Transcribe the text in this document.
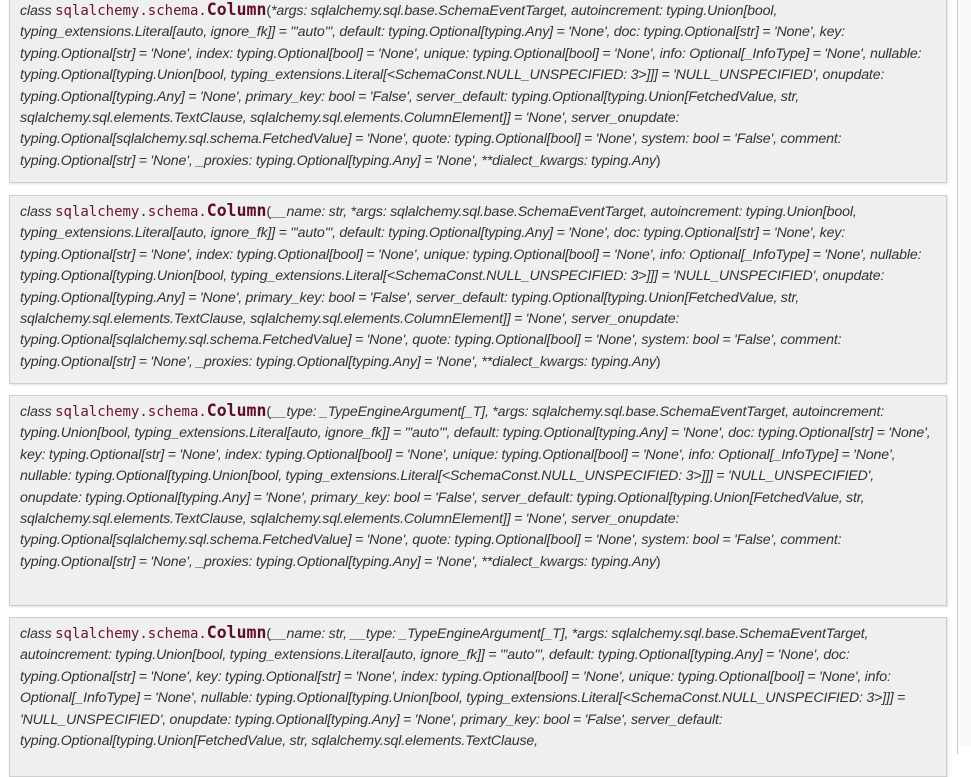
class sqlalchemy.schema.Column(*args: sqlalchemy.sql.base.SchemaEventTarget, autoincrement: typing.Union[bool, typing_extensions.Literal[auto, ignore_fk]] = "'auto'", default: typing.Optional[typing.Any] = 'None', doc: typing.Optional[str] = 'None', key: typing.Optional[str] = 'None', index: typing.Optional[bool] = 'None', unique: typing.Optional[bool] = 'None', info: Optional[_InfoType] = 'None', nullable: typing.Optional[typing.Union[bool, typing_extensions.Literal[<SchemaConst.NULL_UNSPECIFIED: 3>]]] = 'NULL_UNSPECIFIED', onupdate: typing.Optional[typing.Any] = 'None', primary_key: bool = 'False', server_default: typing.Optional[typing.Union[FetchedValue, str, sqlalchemy.sql.elements.TextClause, sqlalchemy.sql.elements.ColumnElement]] = 'None', server_onupdate: typing.Optional[sqlalchemy.sql.schema.FetchedValue] = 'None', quote: typing.Optional[bool] = 'None', system: bool = 'False', comment: typing.Optional[str] = 'None', _proxies: typing.Optional[typing.Any] = 'None', **dialect_kwargs: typing.Any)

class sqlalchemy.schema.Column(__name: str, *args: sqlalchemy.sql.base.SchemaEventTarget, autoincrement: typing.Union[bool, typing_extensions.Literal[auto, ignore_fk]] = "'auto'", default: typing.Optional[typing.Any] = 'None', doc: typing.Optional[str] = 'None', key: typing.Optional[str] = 'None', index: typing.Optional[bool] = 'None', unique: typing.Optional[bool] = 'None', info: Optional[_InfoType] = 'None', nullable: typing.Optional[typing.Union[bool, typing_extensions.Literal[<SchemaConst.NULL_UNSPECIFIED: 3>]]] = 'NULL_UNSPECIFIED', onupdate: typing.Optional[typing.Any] = 'None', primary_key: bool = 'False', server_default: typing.Optional[typing.Union[FetchedValue, str, sqlalchemy.sql.elements.TextClause, sqlalchemy.sql.elements.ColumnElement]] = 'None', server_onupdate: typing.Optional[sqlalchemy.sql.schema.FetchedValue] = 'None', quote: typing.Optional[bool] = 'None', system: bool = 'False', comment: typing.Optional[str] = 'None', _proxies: typing.Optional[typing.Any] = 'None', **dialect_kwargs: typing.Any)

class sqlalchemy.schema.Column(__type: _TypeEngineArgument[_T], *args: sqlalchemy.sql.base.SchemaEventTarget, autoincrement: typing.Union[bool, typing_extensions.Literal[auto, ignore_fk]] = "'auto'", default: typing.Optional[typing.Any] = 'None', doc: typing.Optional[str] = 'None', key: typing.Optional[str] = 'None', index: typing.Optional[bool] = 'None', unique: typing.Optional[bool] = 'None', info: Optional[_InfoType] = 'None', nullable: typing.Optional[typing.Union[bool, typing_extensions.Literal[<SchemaConst.NULL_UNSPECIFIED: 3>]]] = 'NULL_UNSPECIFIED', onupdate: typing.Optional[typing.Any] = 'None', primary_key: bool = 'False', server_default: typing.Optional[typing.Union[FetchedValue, str, sqlalchemy.sql.elements.TextClause, sqlalchemy.sql.elements.ColumnElement]] = 'None', server_onupdate: typing.Optional[sqlalchemy.sql.schema.FetchedValue] = 'None', quote: typing.Optional[bool] = 'None', system: bool = 'False', comment: typing.Optional[str] = 'None', _proxies: typing.Optional[typing.Any] = 'None', **dialect_kwargs: typing.Any)

class sqlalchemy.schema.Column(__name: str, __type: _TypeEngineArgument[_T], *args: sqlalchemy.sql.base.SchemaEventTarget, autoincrement: typing.Union[bool, typing_extensions.Literal[auto, ignore_fk]] = "'auto'", default: typing.Optional[typing.Any] = 'None', doc: typing.Optional[str] = 'None', key: typing.Optional[str] = 'None', index: typing.Optional[bool] = 'None', unique: typing.Optional[bool] = 'None', info: Optional[_InfoType] = 'None', nullable: typing.Optional[typing.Union[bool, typing_extensions.Literal[<SchemaConst.NULL_UNSPECIFIED: 3>]]] = 'NULL_UNSPECIFIED', onupdate: typing.Optional[typing.Any] = 'None', primary_key: bool = 'False', server_default: typing.Optional[typing.Union[FetchedValue, str, sqlalchemy.sql.elements.TextClause,
